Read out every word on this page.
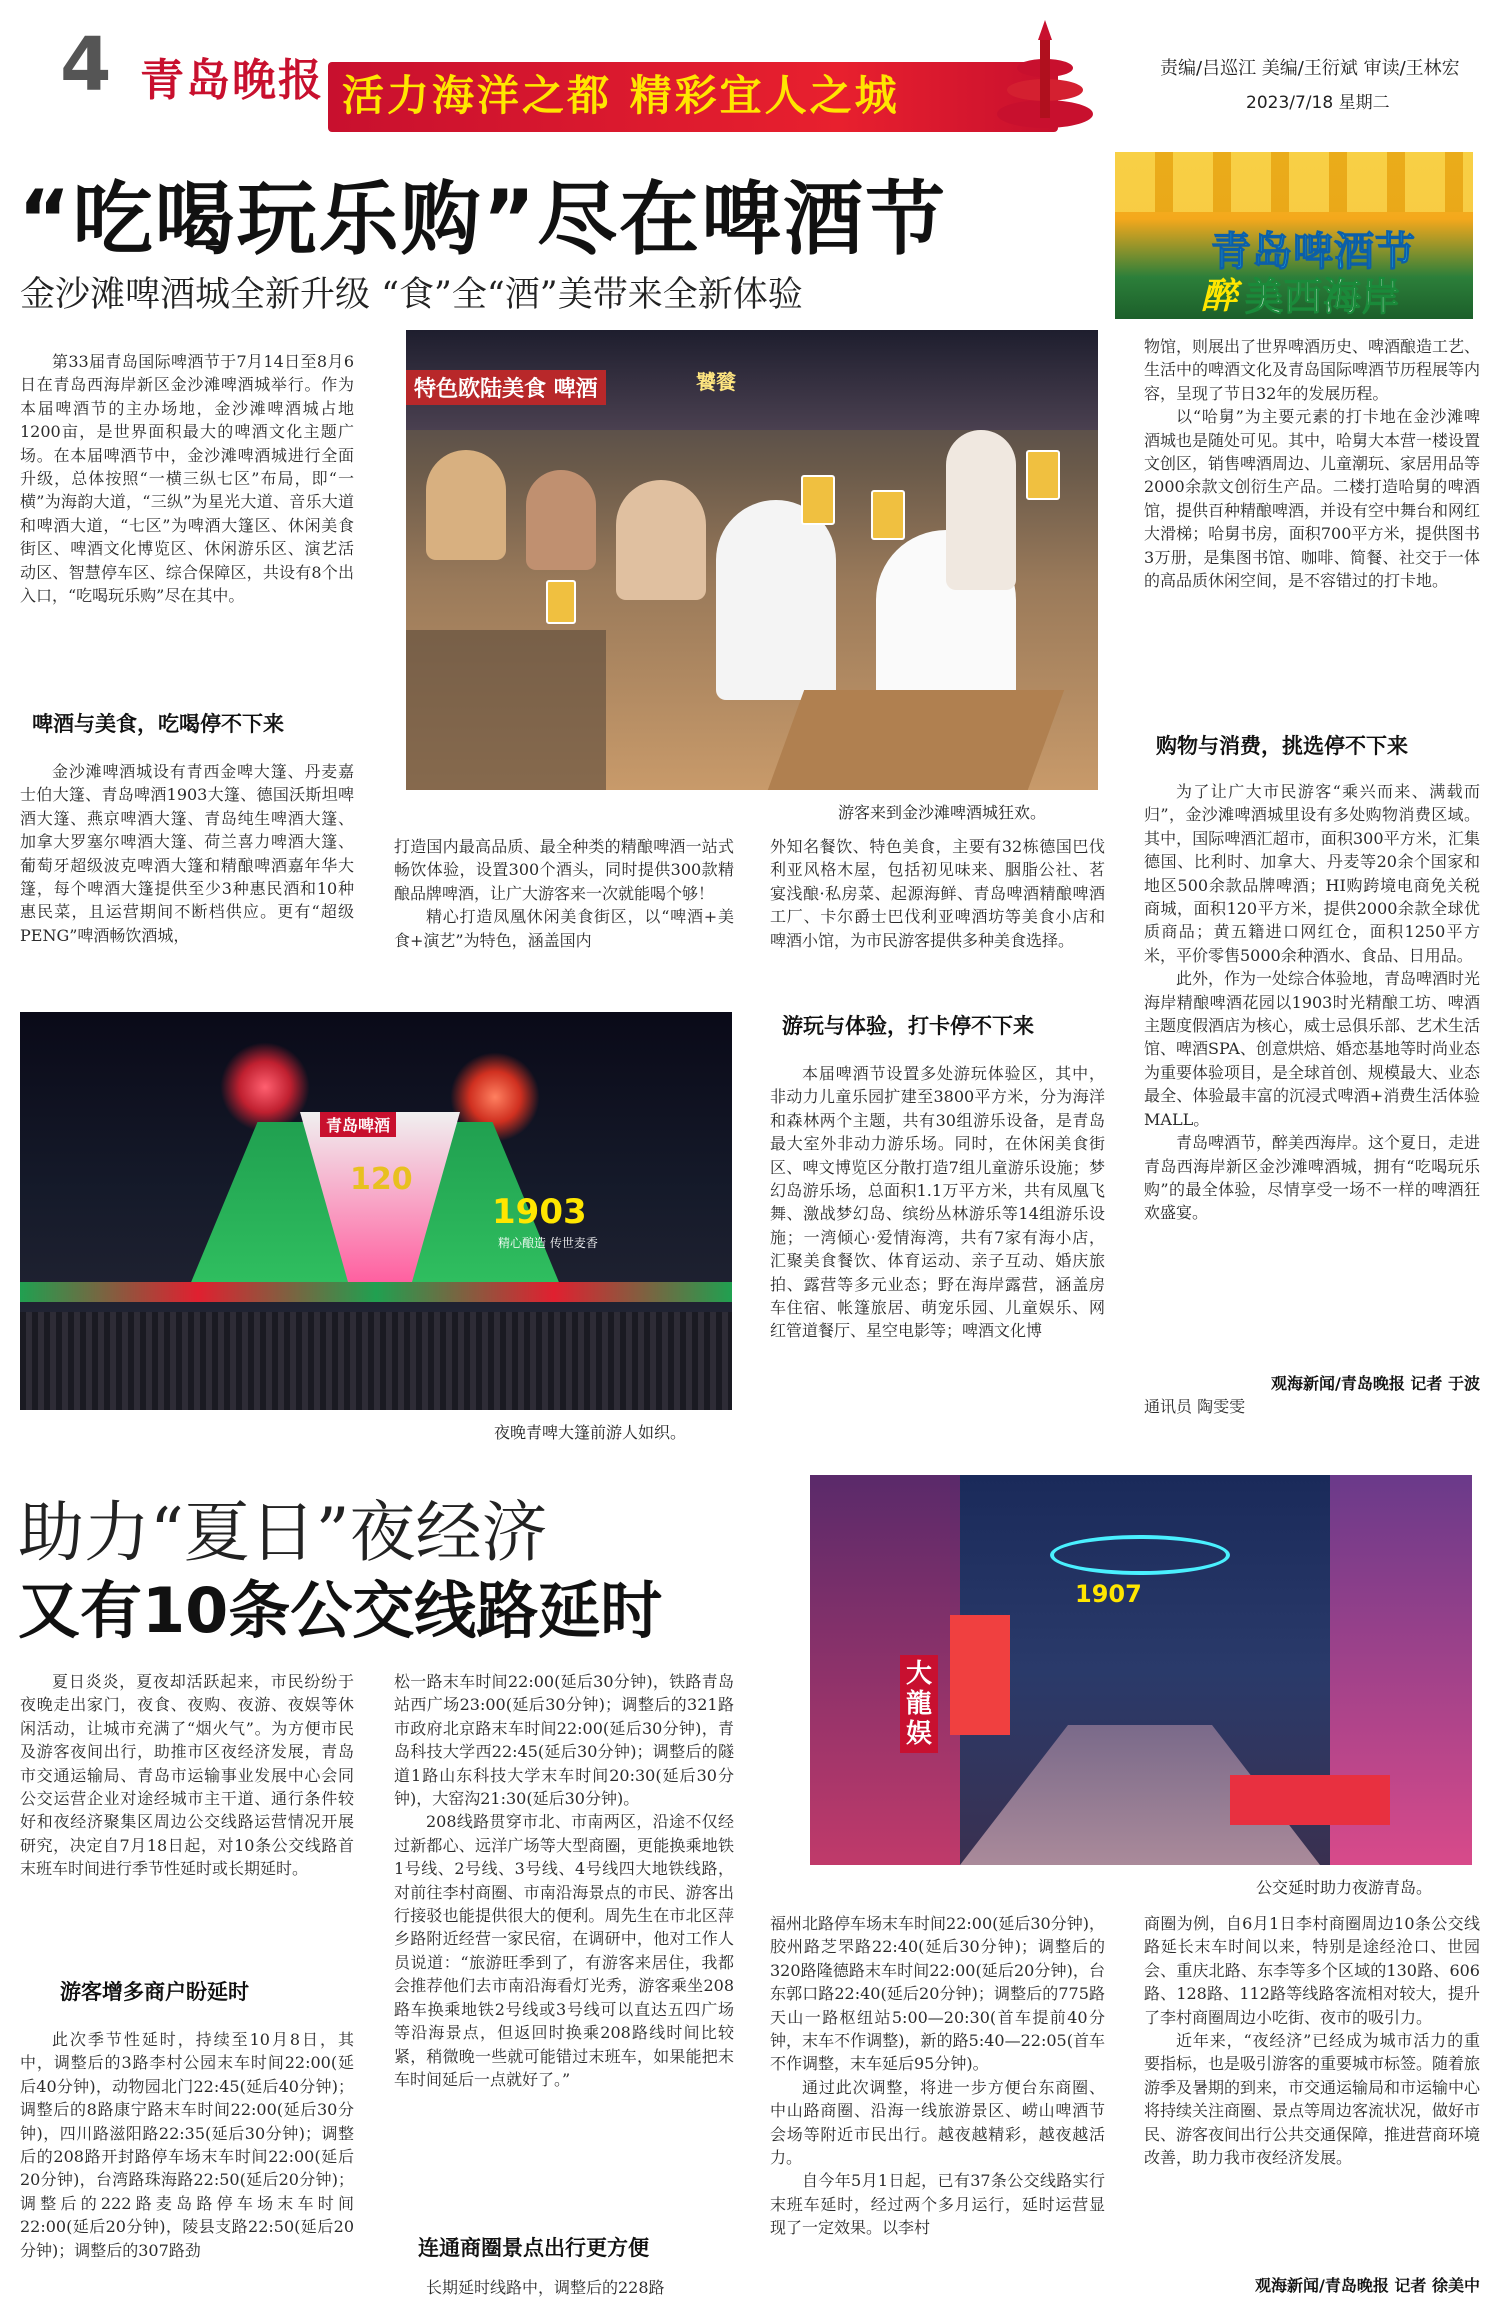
4 青岛晚报 活力海洋之都 精彩宜人之城
责编/吕巡江 美编/王衍斌 审读/王林宏
2023/7/18 星期二
青岛啤酒节
醉 美西海岸
“吃喝玩乐购”尽在啤酒节
金沙滩啤酒城全新升级 “食”全“酒”美带来全新体验

第33届青岛国际啤酒节于7月14日至8月6日在青岛西海岸新区金沙滩啤酒城举行。作为本届啤酒节的主办场地，金沙滩啤酒城占地1200亩，是世界面积最大的啤酒文化主题广场。在本届啤酒节中，金沙滩啤酒城进行全面升级，总体按照“一横三纵七区”布局，即“一横”为海韵大道，“三纵”为星光大道、音乐大道和啤酒大道，“七区”为啤酒大篷区、休闲美食街区、啤酒文化博览区、休闲游乐区、演艺活动区、智慧停车区、综合保障区，共设有8个出入口，“吃喝玩乐购”尽在其中。

啤酒与美食，吃喝停不下来

金沙滩啤酒城设有青西金啤大篷、丹麦嘉士伯大篷、青岛啤酒1903大篷、德国沃斯坦啤酒大篷、燕京啤酒大篷、青岛纯生啤酒大篷、加拿大罗塞尔啤酒大篷、荷兰喜力啤酒大篷、葡萄牙超级波克啤酒大篷和精酿啤酒嘉年华大篷，每个啤酒大篷提供至少3种惠民酒和10种惠民菜，且运营期间不断档供应。更有“超级PENG”啤酒畅饮酒城，

特色欧陆美食 啤酒	饕餮
游客来到金沙滩啤酒城狂欢。

打造国内最高品质、最全种类的精酿啤酒一站式畅饮体验，设置300个酒头，同时提供300款精酿品牌啤酒，让广大游客来一次就能喝个够！

精心打造凤凰休闲美食街区，以“啤酒+美食+演艺”为特色，涵盖国内

外知名餐饮、特色美食，主要有32栋德国巴伐利亚风格木屋，包括初见味来、胭脂公社、茗宴浅酿·私房菜、起源海鲜、青岛啤酒精酿啤酒工厂、卡尔爵士巴伐利亚啤酒坊等美食小店和啤酒小馆，为市民游客提供多种美食选择。

游玩与体验，打卡停不下来

本届啤酒节设置多处游玩体验区，其中，非动力儿童乐园扩建至3800平方米，分为海洋和森林两个主题，共有30组游乐设备，是青岛最大室外非动力游乐场。同时，在休闲美食街区、啤文博览区分散打造7组儿童游乐设施；梦幻岛游乐场，总面积1.1万平方米，共有凤凰飞舞、激战梦幻岛、缤纷丛林游乐等14组游乐设施；一湾倾心·爱情海湾，共有7家有海小店，汇聚美食餐饮、体育运动、亲子互动、婚庆旅拍、露营等多元业态；野在海岸露营，涵盖房车住宿、帐篷旅居、萌宠乐园、儿童娱乐、网红管道餐厅、星空电影等；啤酒文化博

物馆，则展出了世界啤酒历史、啤酒酿造工艺、生活中的啤酒文化及青岛国际啤酒节历程展等内容，呈现了节日32年的发展历程。

以“哈舅”为主要元素的打卡地在金沙滩啤酒城也是随处可见。其中，哈舅大本营一楼设置文创区，销售啤酒周边、儿童潮玩、家居用品等2000余款文创衍生产品。二楼打造哈舅的啤酒馆，提供百种精酿啤酒，并设有空中舞台和网红大滑梯；哈舅书房，面积700平方米，提供图书3万册，是集图书馆、咖啡、简餐、社交于一体的高品质休闲空间，是不容错过的打卡地。

购物与消费，挑选停不下来

为了让广大市民游客“乘兴而来、满载而归”，金沙滩啤酒城里设有多处购物消费区域。其中，国际啤酒汇超市，面积300平方米，汇集德国、比利时、加拿大、丹麦等20余个国家和地区500余款品牌啤酒；HI购跨境电商免关税商城，面积120平方米，提供2000余款全球优质商品；黄五籍进口网红仓，面积1250平方米，平价零售5000余种酒水、食品、日用品。

此外，作为一处综合体验地，青岛啤酒时光海岸精酿啤酒花园以1903时光精酿工坊、啤酒主题度假酒店为核心，威士忌俱乐部、艺术生活馆、啤酒SPA、创意烘焙、婚恋基地等时尚业态为重要体验项目，是全球首创、规模最大、业态最全、体验最丰富的沉浸式啤酒+消费生活体验MALL。

青岛啤酒节，醉美西海岸。这个夏日，走进青岛西海岸新区金沙滩啤酒城，拥有“吃喝玩乐购”的最全体验，尽情享受一场不一样的啤酒狂欢盛宴。

观海新闻/青岛晚报 记者 于波

通讯员 陶雯雯

青岛啤酒
120
1903
精心酿造 传世麦香
夜晚青啤大篷前游人如织。
助力“夏日”夜经济
又有10条公交线路延时

夏日炎炎，夏夜却活跃起来，市民纷纷于夜晚走出家门，夜食、夜购、夜游、夜娱等休闲活动，让城市充满了“烟火气”。为方便市民及游客夜间出行，助推市区夜经济发展，青岛市交通运输局、青岛市运输事业发展中心会同公交运营企业对途经城市主干道、通行条件较好和夜经济聚集区周边公交线路运营情况开展研究，决定自7月18日起，对10条公交线路首末班车时间进行季节性延时或长期延时。

游客增多商户盼延时

此次季节性延时，持续至10月8日，其中，调整后的3路李村公园末车时间22:00(延后40分钟)，动物园北门22:45(延后40分钟)；调整后的8路康宁路末车时间22:00(延后30分钟)，四川路滋阳路22:35(延后30分钟)；调整后的208路开封路停车场末车时间22:00(延后20分钟)，台湾路珠海路22:50(延后20分钟)；调整后的222路麦岛路停车场末车时间22:00(延后20分钟)，陵县支路22:50(延后20分钟)；调整后的307路劲

松一路末车时间22:00(延后30分钟)，铁路青岛站西广场23:00(延后30分钟)；调整后的321路市政府北京路末车时间22:00(延后30分钟)，青岛科技大学西22:45(延后30分钟)；调整后的隧道1路山东科技大学末车时间20:30(延后30分钟)，大窑沟21:30(延后30分钟)。

208线路贯穿市北、市南两区，沿途不仅经过新都心、远洋广场等大型商圈，更能换乘地铁1号线、2号线、3号线、4号线四大地铁线路，对前往李村商圈、市南沿海景点的市民、游客出行接驳也能提供很大的便利。周先生在市北区萍乡路附近经营一家民宿，在调研中，他对工作人员说道：“旅游旺季到了，有游客来居住，我都会推荐他们去市南沿海看灯光秀，游客乘坐208路车换乘地铁2号线或3号线可以直达五四广场等沿海景点，但返回时换乘208路线时间比较紧，稍微晚一些就可能错过末班车，如果能把末车时间延后一点就好了。”

连通商圈景点出行更方便

长期延时线路中，调整后的228路

1907
大龍娱
公交延时助力夜游青岛。

福州北路停车场末车时间22:00(延后30分钟)，胶州路芝罘路22:40(延后30分钟)；调整后的320路隆德路末车时间22:00(延后20分钟)，台东郭口路22:40(延后20分钟)；调整后的775路天山一路枢纽站5:00—20:30(首车提前40分钟，末车不作调整)，新的路5:40—22:05(首车不作调整，末车延后95分钟)。

通过此次调整，将进一步方便台东商圈、中山路商圈、沿海一线旅游景区、崂山啤酒节会场等附近市民出行。越夜越精彩，越夜越活力。

自今年5月1日起，已有37条公交线路实行末班车延时，经过两个多月运行，延时运营显现了一定效果。以李村

商圈为例，自6月1日李村商圈周边10条公交线路延长末车时间以来，特别是途经沧口、世园会、重庆北路、东李等多个区域的130路、606路、128路、112路等线路客流相对较大，提升了李村商圈周边小吃街、夜市的吸引力。

近年来，“夜经济”已经成为城市活力的重要指标，也是吸引游客的重要城市标签。随着旅游季及暑期的到来，市交通运输局和市运输中心将持续关注商圈、景点等周边客流状况，做好市民、游客夜间出行公共交通保障，推进营商环境改善，助力我市夜经济发展。

观海新闻/青岛晚报 记者 徐美中
